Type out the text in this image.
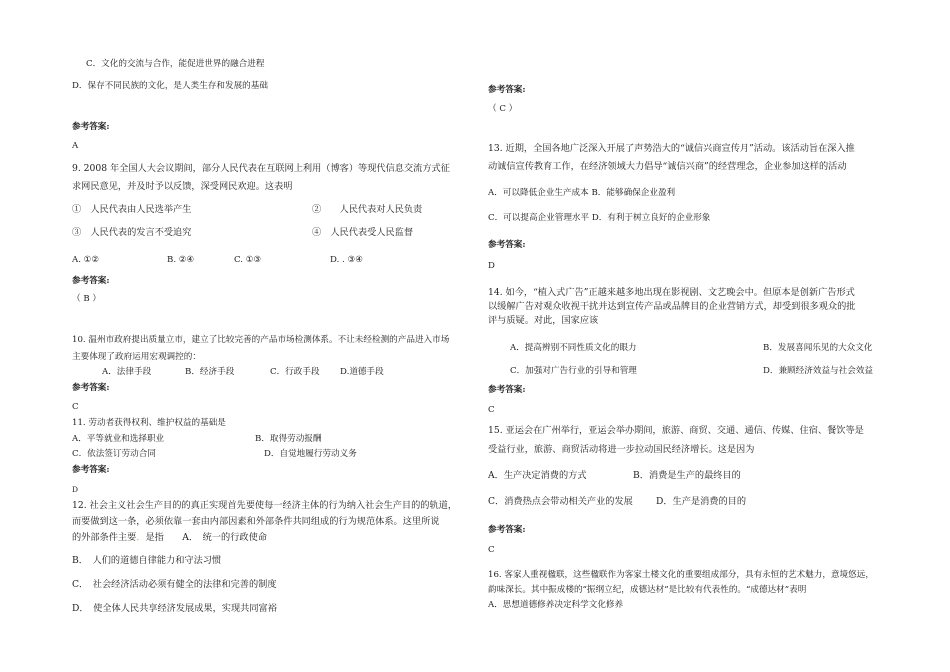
C．文化的交流与合作，能促进世界的融合进程
D．保存不同民族的文化，是人类生存和发展的基础
参考答案:
A
9. 2008 年全国人大会议期间，部分人民代表在互联网上利用（博客）等现代信息交流方式征
求网民意见，并及时予以反馈，深受网民欢迎。这表明
①　人民代表由人民选举产生	②　　人民代表对人民负责
③　人民代表的发言不受追究	④　人民代表受人民监督
A. ①②	B. ②④	C. ①③	D. . ③④
参考答案:
（ B ）
10. 温州市政府提出质量立市，建立了比较完善的产品市场检测体系。不让未经检测的产品进入市场
主要体现了政府运用宏观调控的：
A．法律手段	B．经济手段	C．行政手段 D.道德手段
参考答案:
C
11. 劳动者获得权利、维护权益的基础是
A．平等就业和选择职业	B．取得劳动报酬
C．依法签订劳动合同	D．自觉地履行劳动义务
参考答案:
D
12. 社会主义社会生产目的的真正实现首先要使每一经济主体的行为纳入社会生产目的的轨道，
而要做到这一条，必须依靠一套由内部因素和外部条件共同组成的行为规范体系。这里所说
的外部条件主要．是指　　A．　统一的行政使命
B．　人们的道德自律能力和守法习惯
C．　社会经济活动必须有健全的法律和完善的制度
D．　使全体人民共享经济发展成果，实现共同富裕
参考答案:
（ C ）
13. 近期，全国各地广泛深入开展了声势浩大的“诚信兴商宣传月”活动。该活动旨在深入推
动诚信宣传教育工作，在经济领域大力倡导“诚信兴商”的经营理念，企业参加这样的活动
A．可以降低企业生产成本 B．能够确保企业盈利
C．可以提高企业管理水平 D．有利于树立良好的企业形象
参考答案:
D
14. 如今，“植入式广告”正越来越多地出现在影视剧、文艺晚会中。但原本是创新广告形式
以缓解广告对观众收视干扰并达到宣传产品或品牌目的企业营销方式，却受到很多观众的批
评与质疑。对此，国家应该
A．提高辨别不同性质文化的眼力	B．发展喜闻乐见的大众文化
C．加强对广告行业的引导和管理	D．兼顾经济效益与社会效益
参考答案:
C
15. 亚运会在广州举行，亚运会举办期间，旅游、商贸、交通、通信、传媒、住宿、餐饮等是
受益行业，旅游、商贸活动将进一步拉动国民经济增长。这是因为
A．生产决定消费的方式	B．消费是生产的最终目的
C．消费热点会带动相关产业的发展	D．生产是消费的目的
参考答案:
C
16. 客家人重视楹联，这些楹联作为客家土楼文化的重要组成部分，具有永恒的艺术魅力，意境悠远，
韵味深长。其中振成楼的“振纲立纪，成德达材”是比较有代表性的。“成德达材”表明
A．思想道德修养决定科学文化修养
